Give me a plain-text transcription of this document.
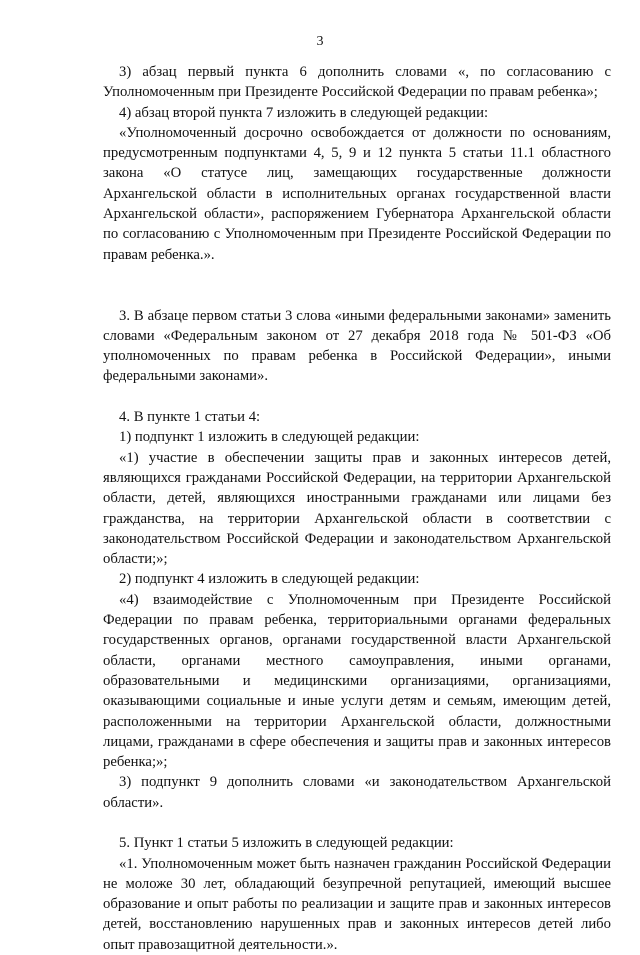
3

3) абзац первый пункта 6 дополнить словами «, по согласованию с Уполномоченным при Президенте Российской Федерации по правам ребенка»;

4) абзац второй пункта 7 изложить в следующей редакции:

«Уполномоченный досрочно освобождается от должности по основаниям, предусмотренным подпунктами 4, 5, 9 и 12 пункта 5 статьи 11.1 областного закона «О статусе лиц, замещающих государственные должности Архангельской области в исполнительных органах государственной власти Архангельской области», распоряжением Губернатора Архангельской области по согласованию с Уполномоченным при Президенте Российской Федерации по правам ребенка.».

3. В абзаце первом статьи 3 слова «иными федеральными законами» заменить словами «Федеральным законом от 27 декабря 2018 года № 501-ФЗ «Об уполномоченных по правам ребенка в Российской Федерации», иными федеральными законами».

4. В пункте 1 статьи 4:

1) подпункт 1 изложить в следующей редакции:

«1) участие в обеспечении защиты прав и законных интересов детей, являющихся гражданами Российской Федерации, на территории Архангельской области, детей, являющихся иностранными гражданами или лицами без гражданства, на территории Архангельской области в соответствии с законодательством Российской Федерации и законодательством Архангельской области;»;

2) подпункт 4 изложить в следующей редакции:

«4) взаимодействие с Уполномоченным при Президенте Российской Федерации по правам ребенка, территориальными органами федеральных государственных органов, органами государственной власти Архангельской области, органами местного самоуправления, иными органами, образовательными и медицинскими организациями, организациями, оказывающими социальные и иные услуги детям и семьям, имеющим детей, расположенными на территории Архангельской области, должностными лицами, гражданами в сфере обеспечения и защиты прав и законных интересов ребенка;»;

3) подпункт 9 дополнить словами «и законодательством Архангельской области».

5. Пункт 1 статьи 5 изложить в следующей редакции:

«1. Уполномоченным может быть назначен гражданин Российской Федерации не моложе 30 лет, обладающий безупречной репутацией, имеющий высшее образование и опыт работы по реализации и защите прав и законных интересов детей, восстановлению нарушенных прав и законных интересов детей либо опыт правозащитной деятельности.».
